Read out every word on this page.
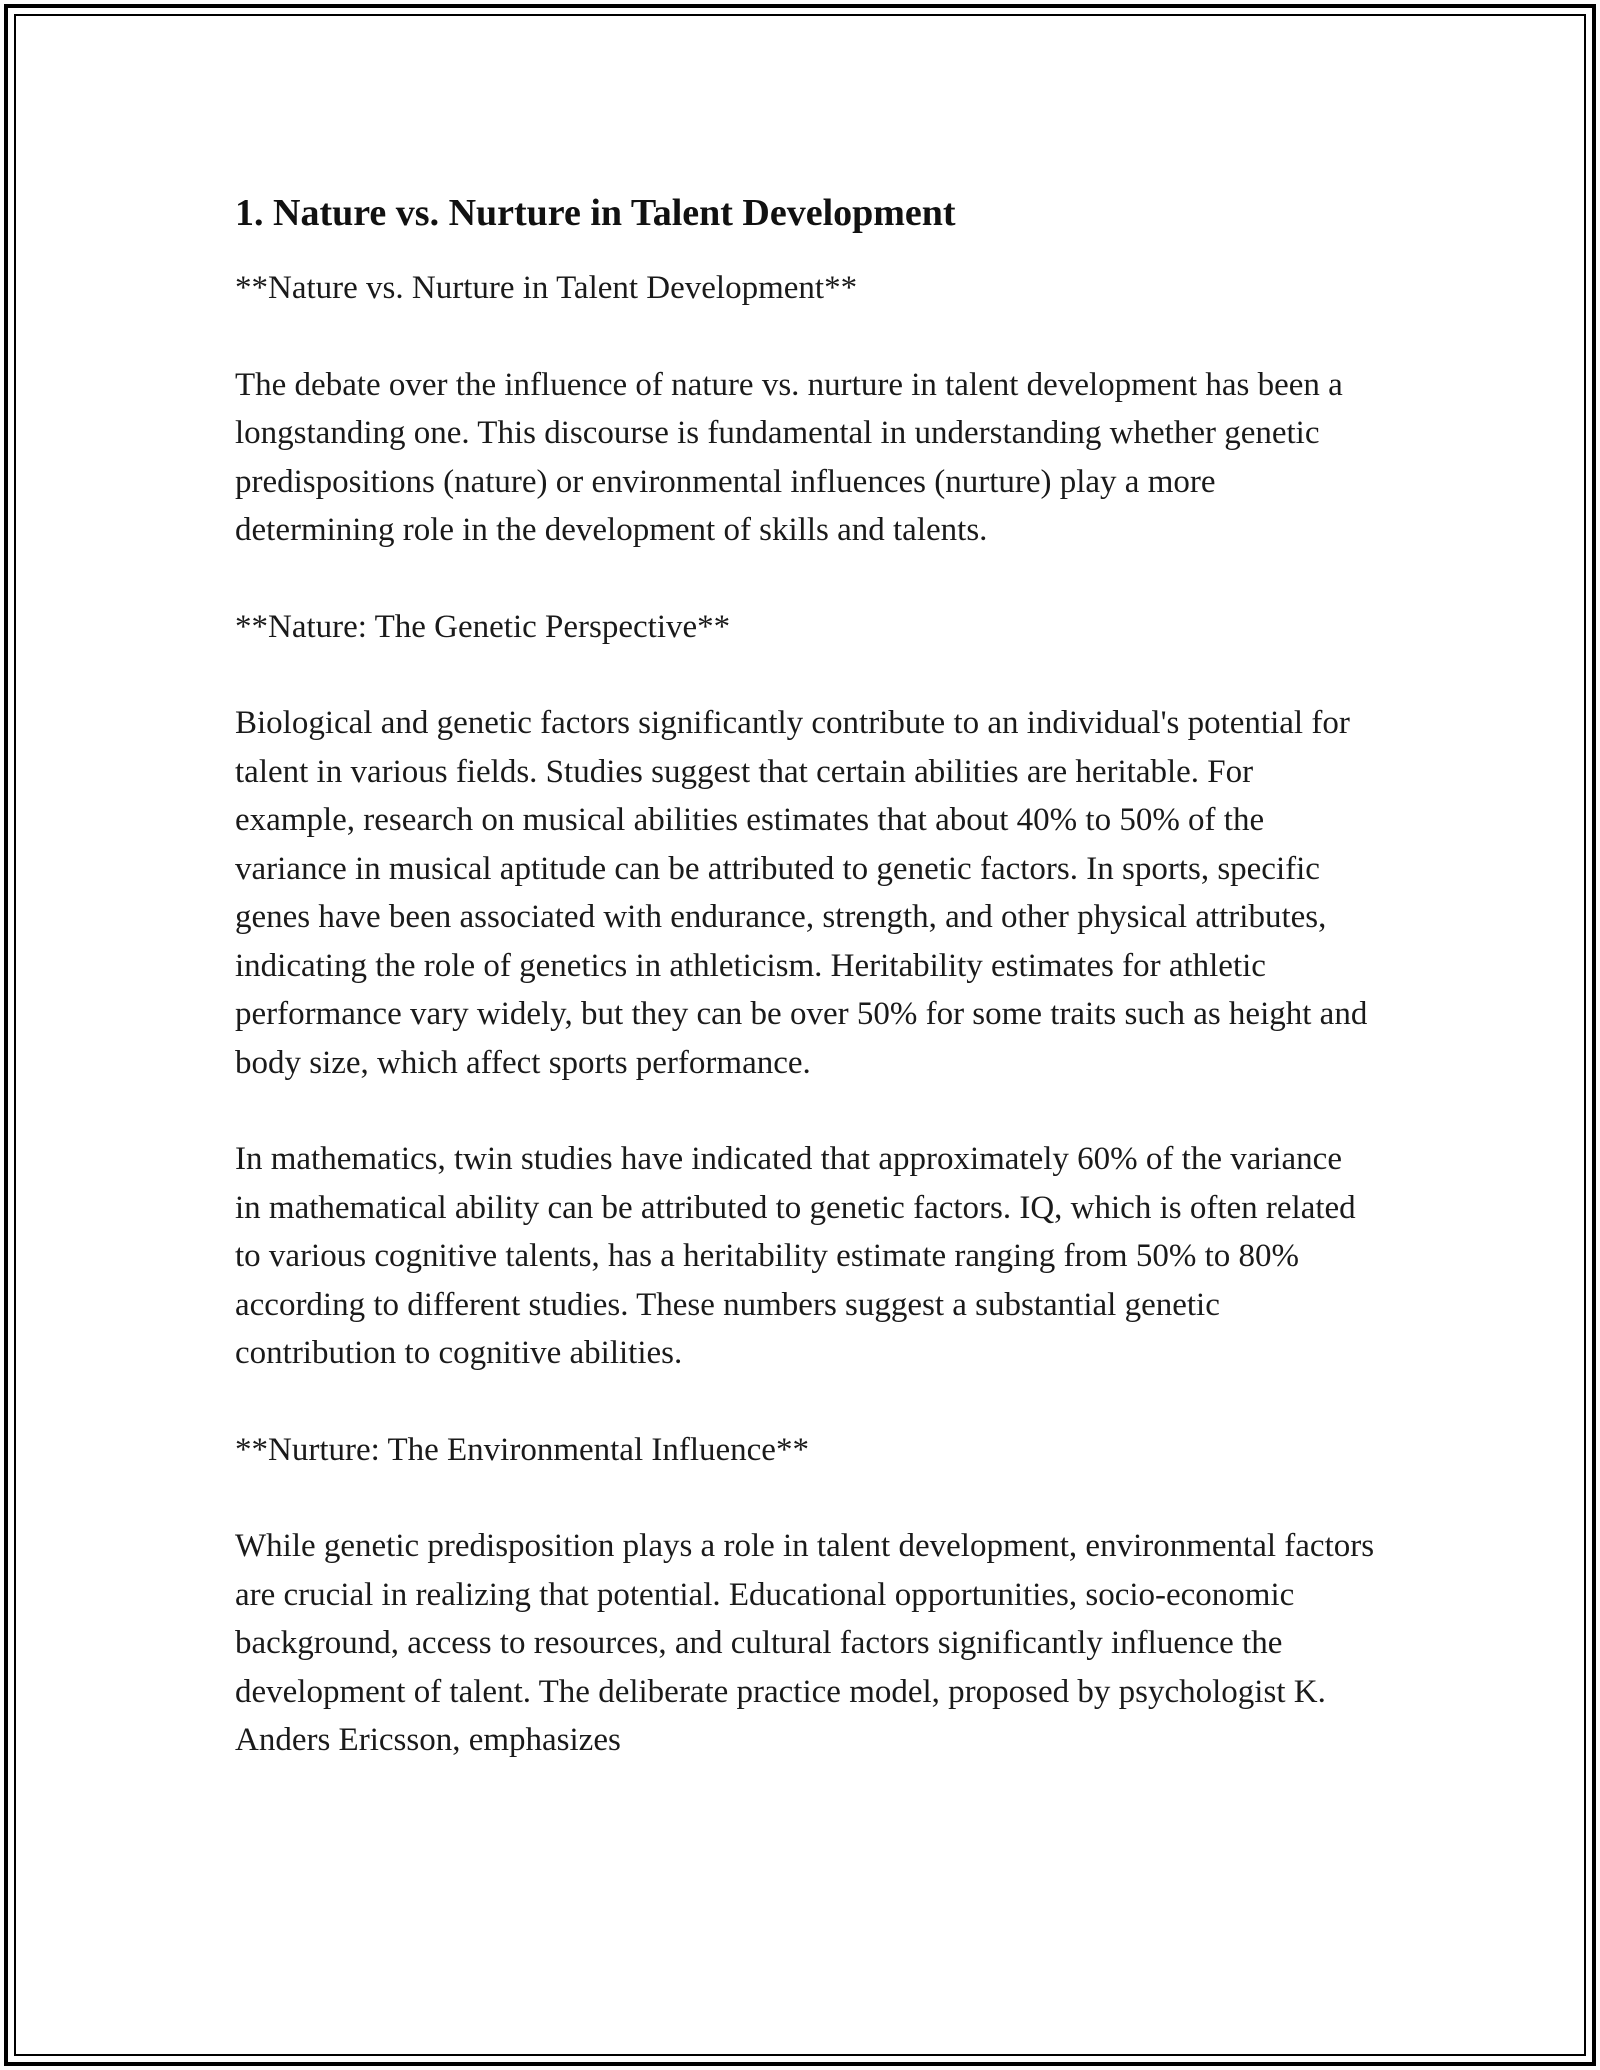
1. Nature vs. Nurture in Talent Development

**Nature vs. Nurture in Talent Development**

The debate over the influence of nature vs. nurture in talent development has been a longstanding one. This discourse is fundamental in understanding whether genetic predispositions (nature) or environmental influences (nurture) play a more determining role in the development of skills and talents.

**Nature: The Genetic Perspective**

Biological and genetic factors significantly contribute to an individual's potential for talent in various fields. Studies suggest that certain abilities are heritable. For example, research on musical abilities estimates that about 40% to 50% of the variance in musical aptitude can be attributed to genetic factors. In sports, specific genes have been associated with endurance, strength, and other physical attributes, indicating the role of genetics in athleticism. Heritability estimates for athletic performance vary widely, but they can be over 50% for some traits such as height and body size, which affect sports performance.

In mathematics, twin studies have indicated that approximately 60% of the variance in mathematical ability can be attributed to genetic factors. IQ, which is often related to various cognitive talents, has a heritability estimate ranging from 50% to 80% according to different studies. These numbers suggest a substantial genetic contribution to cognitive abilities.

**Nurture: The Environmental Influence**

While genetic predisposition plays a role in talent development, environmental factors are crucial in realizing that potential. Educational opportunities, socio-economic background, access to resources, and cultural factors significantly influence the development of talent. The deliberate practice model, proposed by psychologist K. Anders Ericsson, emphasizes
